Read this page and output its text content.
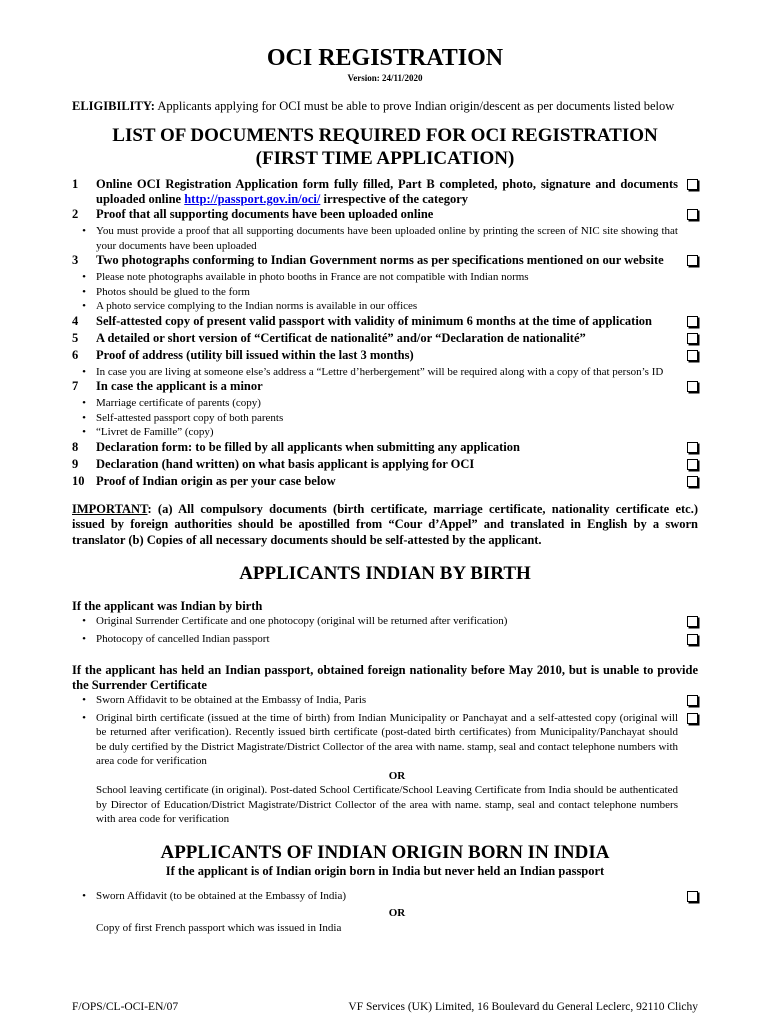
OCI REGISTRATION
Version: 24/11/2020
ELIGIBILITY: Applicants applying for OCI must be able to prove Indian origin/descent as per documents listed below
LIST OF DOCUMENTS REQUIRED FOR OCI REGISTRATION
(FIRST TIME APPLICATION)
1	Online OCI Registration Application form fully filled, Part B completed, photo, signature and documents uploaded online http://passport.gov.in/oci/ irrespective of the category
2	Proof that all supporting documents have been uploaded online
• You must provide a proof that all supporting documents have been uploaded online by printing the screen of NIC site showing that your documents have been uploaded
3	Two photographs conforming to Indian Government norms as per specifications mentioned on our website
• Please note photographs available in photo booths in France are not compatible with Indian norms
• Photos should be glued to the form
• A photo service complying to the Indian norms is available in our offices
4	Self-attested copy of present valid passport with validity of minimum 6 months at the time of application
5	A detailed or short version of “Certificat de nationalité” and/or “Declaration de nationalité”
6	Proof of address (utility bill issued within the last 3 months)
• In case you are living at someone else’s address a “Lettre d’herbergement” will be required along with a copy of that person’s ID
7	In case the applicant is a minor
• Marriage certificate of parents (copy)
• Self-attested passport copy of both parents
• “Livret de Famille” (copy)
8	Declaration form: to be filled by all applicants when submitting any application
9	Declaration (hand written) on what basis applicant is applying for OCI
10 Proof of Indian origin as per your case below
IMPORTANT: (a) All compulsory documents (birth certificate, marriage certificate, nationality certificate etc.) issued by foreign authorities should be apostilled from “Cour d’Appel” and translated in English by a sworn translator (b) Copies of all necessary documents should be self-attested by the applicant.
APPLICANTS INDIAN BY BIRTH
If the applicant was Indian by birth
• Original Surrender Certificate and one photocopy (original will be returned after verification)
• Photocopy of cancelled Indian passport
If the applicant has held an Indian passport, obtained foreign nationality before May 2010, but is unable to provide the Surrender Certificate
• Sworn Affidavit to be obtained at the Embassy of India, Paris
• Original birth certificate (issued at the time of birth) from Indian Municipality or Panchayat and a self-attested copy (original will be returned after verification). Recently issued birth certificate (post-dated birth certificates) from Municipality/Panchayat should be duly certified by the District Magistrate/District Collector of the area with name. stamp, seal and contact telephone numbers with area code for verification
OR
School leaving certificate (in original). Post-dated School Certificate/School Leaving Certificate from India should be authenticated by Director of Education/District Magistrate/District Collector of the area with name. stamp, seal and contact telephone numbers with area code for verification
APPLICANTS OF INDIAN ORIGIN BORN IN INDIA
If the applicant is of Indian origin born in India but never held an Indian passport
• Sworn Affidavit (to be obtained at the Embassy of India)
OR
Copy of first French passport which was issued in India
F/OPS/CL-OCI-EN/07	VF Services (UK) Limited, 16 Boulevard du General Leclerc, 92110 Clichy
